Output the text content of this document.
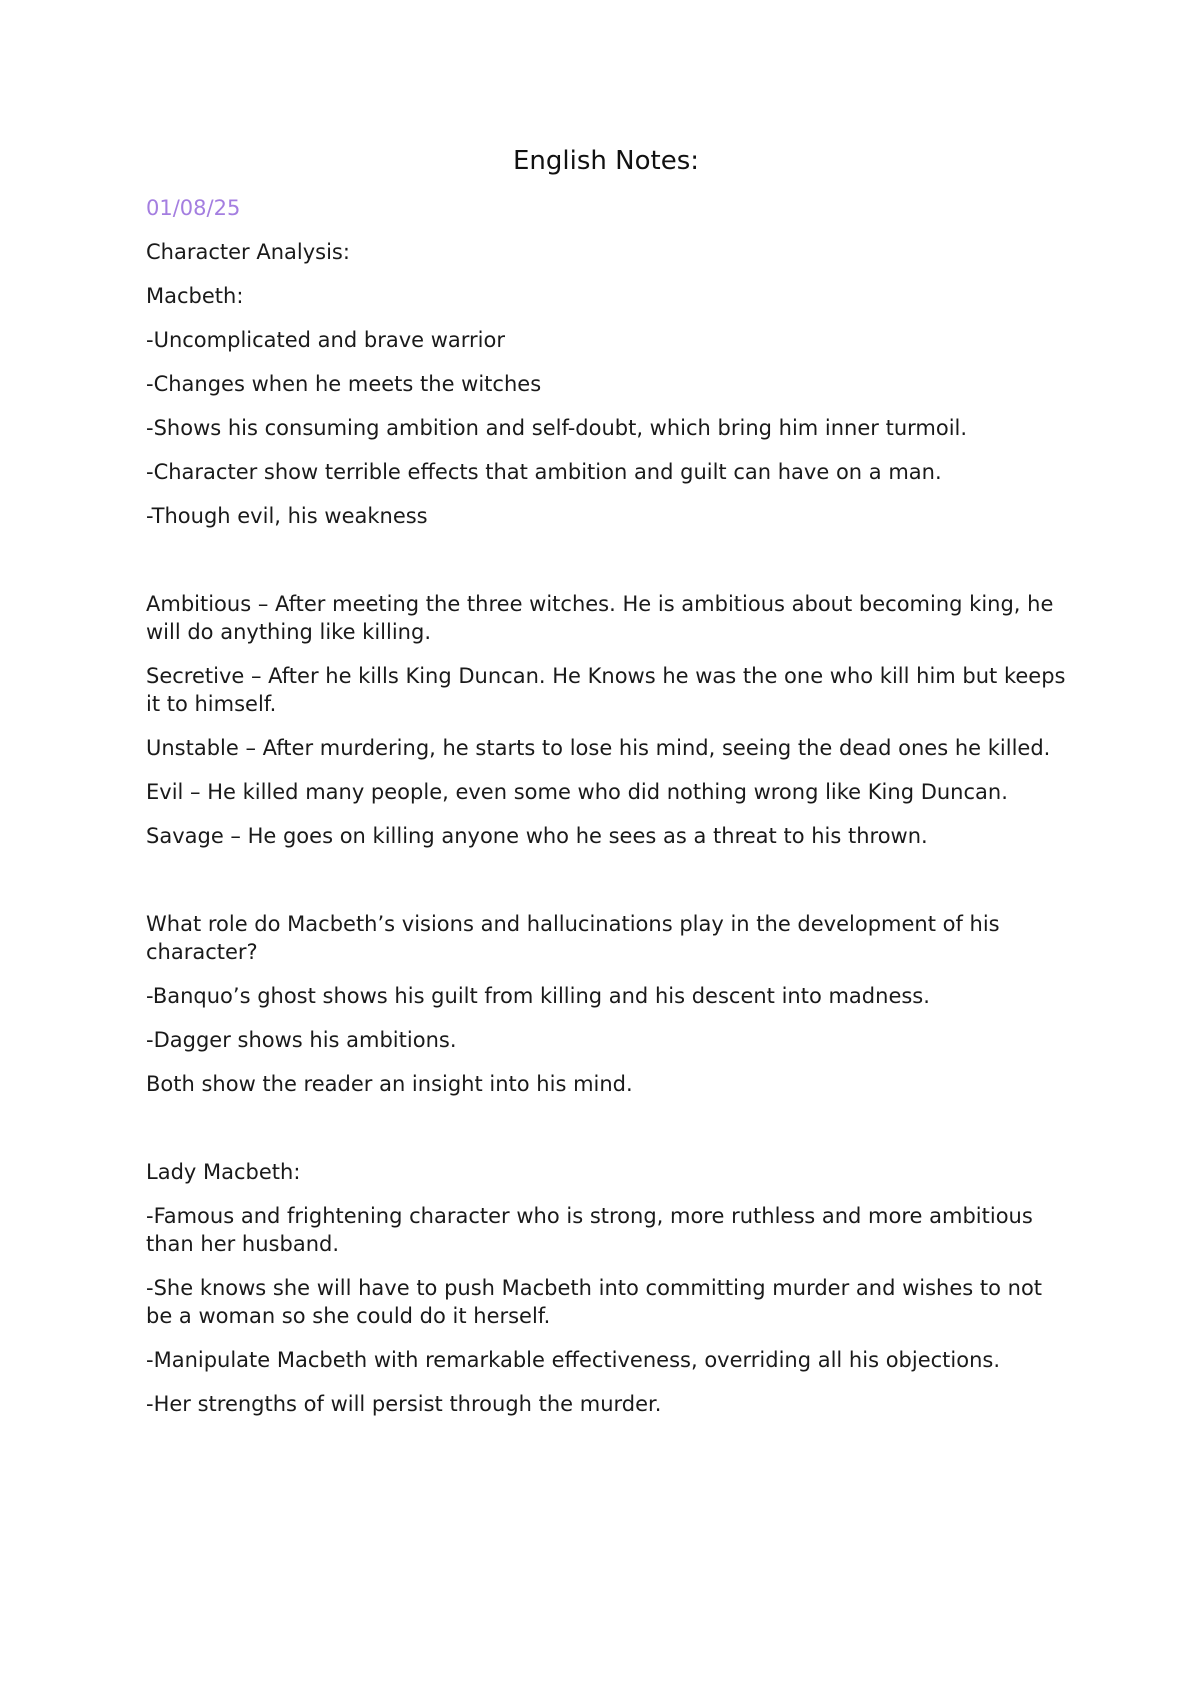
English Notes:
01/08/25

Character Analysis:

Macbeth:

-Uncomplicated and brave warrior

-Changes when he meets the witches

-Shows his consuming ambition and self-doubt, which bring him inner turmoil.

-Character show terrible effects that ambition and guilt can have on a man.

-Though evil, his weakness

Ambitious – After meeting the three witches. He is ambitious about becoming king, he will do anything like killing.

Secretive – After he kills King Duncan. He Knows he was the one who kill him but keeps it to himself.

Unstable – After murdering, he starts to lose his mind, seeing the dead ones he killed.

Evil – He killed many people, even some who did nothing wrong like King Duncan.

Savage – He goes on killing anyone who he sees as a threat to his thrown.

What role do Macbeth’s visions and hallucinations play in the development of his character?

-Banquo’s ghost shows his guilt from killing and his descent into madness.

-Dagger shows his ambitions.

Both show the reader an insight into his mind.

Lady Macbeth:

-Famous and frightening character who is strong, more ruthless and more ambitious than her husband.

-She knows she will have to push Macbeth into committing murder and wishes to not be a woman so she could do it herself.

-Manipulate Macbeth with remarkable effectiveness, overriding all his objections.

-Her strengths of will persist through the murder.
